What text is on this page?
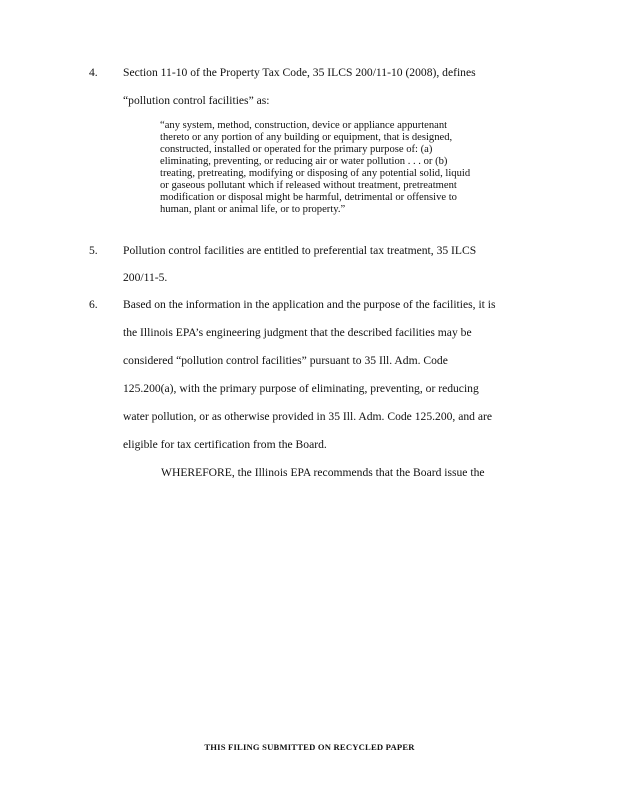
4. Section 11-10 of the Property Tax Code, 35 ILCS 200/11-10 (2008), defines
“pollution control facilities” as:
“any system, method, construction, device or appliance appurtenant
thereto or any portion of any building or equipment, that is designed,
constructed, installed or operated for the primary purpose of: (a)
eliminating, preventing, or reducing air or water pollution . . . or (b)
treating, pretreating, modifying or disposing of any potential solid, liquid
or gaseous pollutant which if released without treatment, pretreatment
modification or disposal might be harmful, detrimental or offensive to
human, plant or animal life, or to property.”
5. Pollution control facilities are entitled to preferential tax treatment, 35 ILCS
200/11-5.
6. Based on the information in the application and the purpose of the facilities, it is
the Illinois EPA’s engineering judgment that the described facilities may be
considered “pollution control facilities” pursuant to 35 Ill. Adm. Code
125.200(a), with the primary purpose of eliminating, preventing, or reducing
water pollution, or as otherwise provided in 35 Ill. Adm. Code 125.200, and are
eligible for tax certification from the Board.
WHEREFORE, the Illinois EPA recommends that the Board issue the
THIS FILING SUBMITTED ON RECYCLED PAPER
